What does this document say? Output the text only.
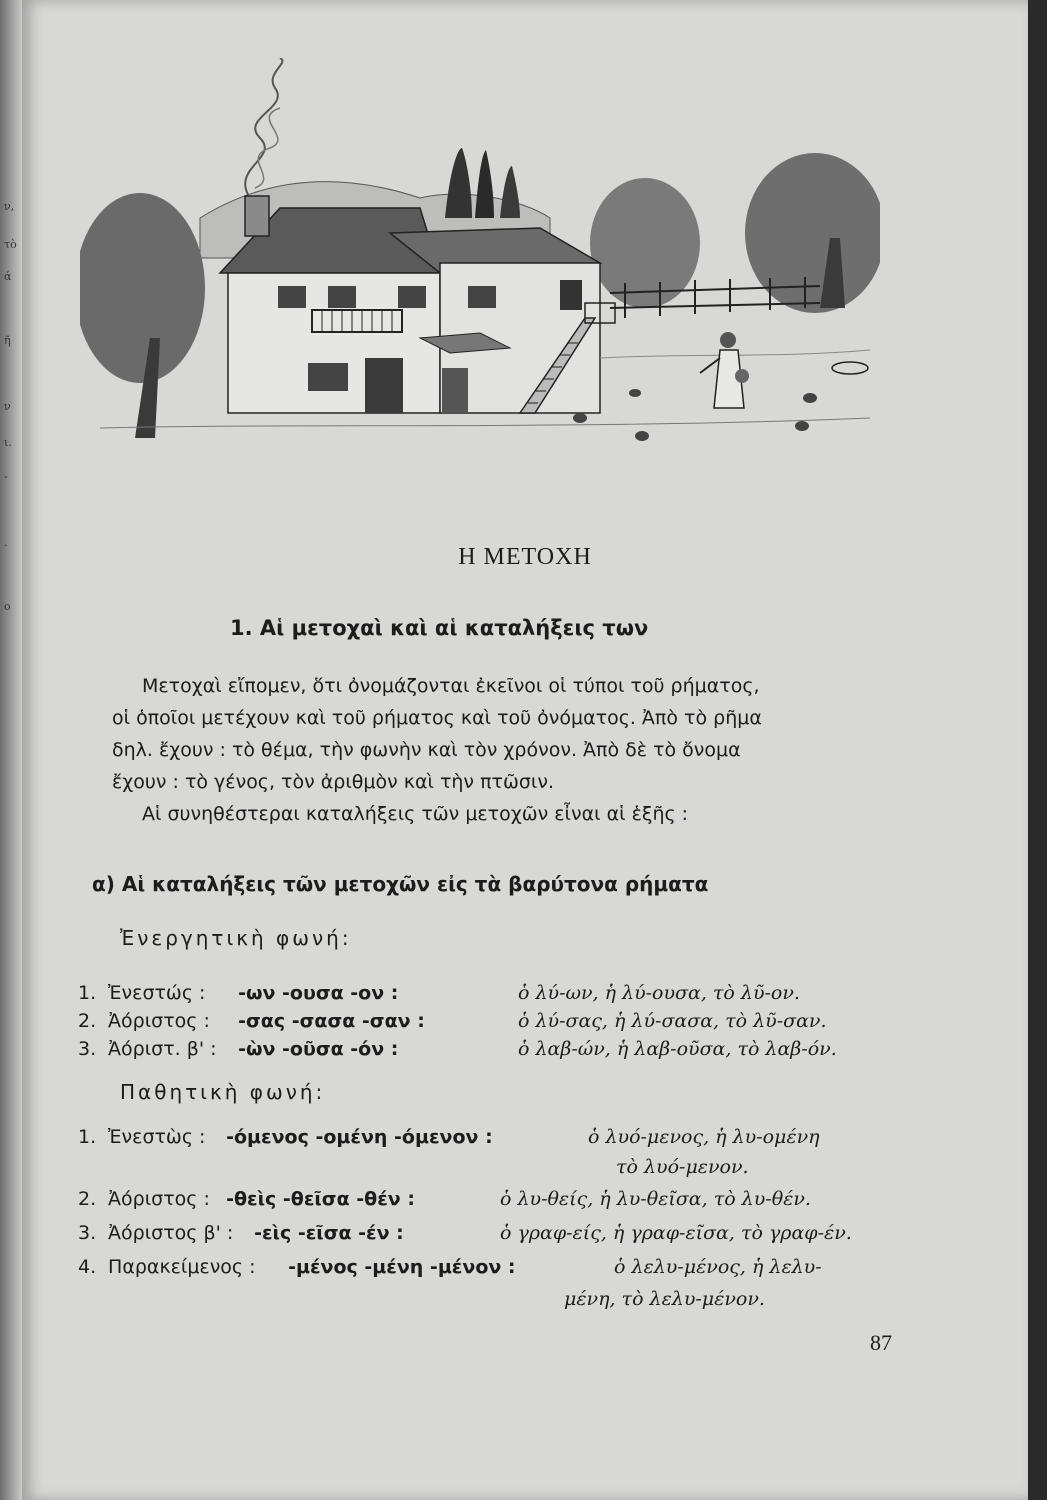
ν,
τὸ
ά
ῆ
ν
ι.
-
.
ο
Η ΜΕΤΟΧΗ
1. Αἱ μετοχαὶ καὶ αἱ καταλήξεις των

Μετοχαὶ εἴπομεν, ὅτι ὀνομάζονται ἐκεῖνοι οἱ τύποι τοῦ ρήματος,

οἱ ὁποῖοι μετέχουν καὶ τοῦ ρήματος καὶ τοῦ ὀνόματος. Ἀπὸ τὸ ρῆμα

δηλ. ἔχουν : τὸ θέμα, τὴν φωνὴν καὶ τὸν χρόνον. Ἀπὸ δὲ τὸ ὄνομα

ἔχουν : τὸ γένος, τὸν ἀριθμὸν καὶ τὴν πτῶσιν.

Αἱ συνηθέστεραι καταλήξεις τῶν μετοχῶν εἶναι αἱ ἑξῆς :

α) Αἱ καταλήξεις τῶν μετοχῶν εἰς τὰ βαρύτονα ρήματα
Ἐνεργητικὴ φωνή:
1. Ἐνεστώς : -ων -ουσα -ον :	ὁ λύ-ων, ἡ λύ-ουσα, τὸ λῦ-ον.
2. Ἀόριστος : -σας -σασα -σαν :	ὁ λύ-σας, ἡ λύ-σασα, τὸ λῦ-σαν.
3. Ἀόριστ. β' : -ὼν -οῦσα -όν :	ὁ λαβ-ών, ἡ λαβ-οῦσα, τὸ λαβ-όν.
Παθητικὴ φωνή:
1. Ἐνεστὼς : -όμενος -ομένη -όμενον :	ὁ λυό-μενος, ἡ λυ-ομένη
τὸ λυό-μενον.
2. Ἀόριστος : -θεὶς -θεῖσα -θέν :	ὁ λυ-θείς, ἡ λυ-θεῖσα, τὸ λυ-θέν.
3. Ἀόριστος β' : -εὶς -εῖσα -έν :	ὁ γραφ-είς, ἡ γραφ-εῖσα, τὸ γραφ-έν.
4. Παρακείμενος : -μένος -μένη -μένον :	ὁ λελυ-μένος, ἡ λελυ-
μένη, τὸ λελυ-μένον.
87
